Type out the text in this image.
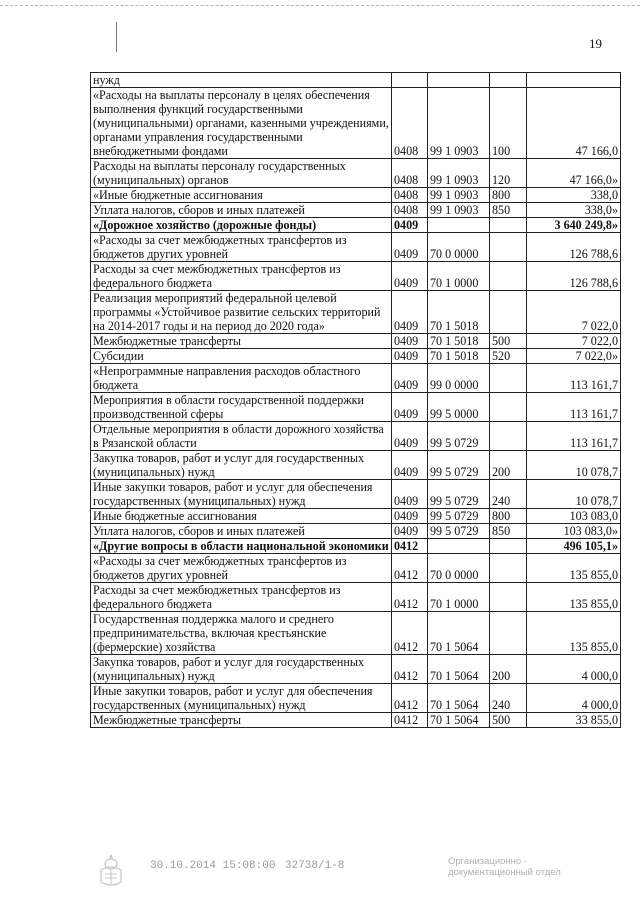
19
нужд				
«Расходы на выплаты персоналу в целях обеспечения выполнения функций государственными (муниципальными) органами, казенными учреждениями, органами управления государственными внебюджетными фондами	0408	99 1 0903	100	47 166,0
Расходы на выплаты персоналу государственных (муниципальных) органов	0408	99 1 0903	120	47 166,0»
«Иные бюджетные ассигнования	0408	99 1 0903	800	338,0
Уплата налогов, сборов и иных платежей	0408	99 1 0903	850	338,0»
«Дорожное хозяйство (дорожные фонды)	0409			3 640 249,8»
«Расходы за счет межбюджетных трансфертов из бюджетов других уровней	0409	70 0 0000		126 788,6
Расходы за счет межбюджетных трансфертов из федерального бюджета	0409	70 1 0000		126 788,6
Реализация мероприятий федеральной целевой программы «Устойчивое развитие сельских территорий на 2014-2017 годы и на период до 2020 года»	0409	70 1 5018		7 022,0
Межбюджетные трансферты	0409	70 1 5018	500	7 022,0
Субсидии	0409	70 1 5018	520	7 022,0»
«Непрограммные направления расходов областного бюджета	0409	99 0 0000		113 161,7
Мероприятия в области государственной поддержки производственной сферы	0409	99 5 0000		113 161,7
Отдельные мероприятия в области дорожного хозяйства в Рязанской области	0409	99 5 0729		113 161,7
Закупка товаров, работ и услуг для государственных (муниципальных) нужд	0409	99 5 0729	200	10 078,7
Иные закупки товаров, работ и услуг для обеспечения государственных (муниципальных) нужд	0409	99 5 0729	240	10 078,7
Иные бюджетные ассигнования	0409	99 5 0729	800	103 083,0
Уплата налогов, сборов и иных платежей	0409	99 5 0729	850	103 083,0»
«Другие вопросы в области национальной экономики	0412			496 105,1»
«Расходы за счет межбюджетных трансфертов из бюджетов других уровней	0412	70 0 0000		135 855,0
Расходы за счет межбюджетных трансфертов из федерального бюджета	0412	70 1 0000		135 855,0
Государственная поддержка малого и среднего предпринимательства, включая крестьянские (фермерские) хозяйства	0412	70 1 5064		135 855,0
Закупка товаров, работ и услуг для государственных (муниципальных) нужд	0412	70 1 5064	200	4 000,0
Иные закупки товаров, работ и услуг для обеспечения государственных (муниципальных) нужд	0412	70 1 5064	240	4 000,0
Межбюджетные трансферты	0412	70 1 5064	500	33 855,0
30.10.2014 15:08:00 32738/1-8	Организационно -
документационный отдел
